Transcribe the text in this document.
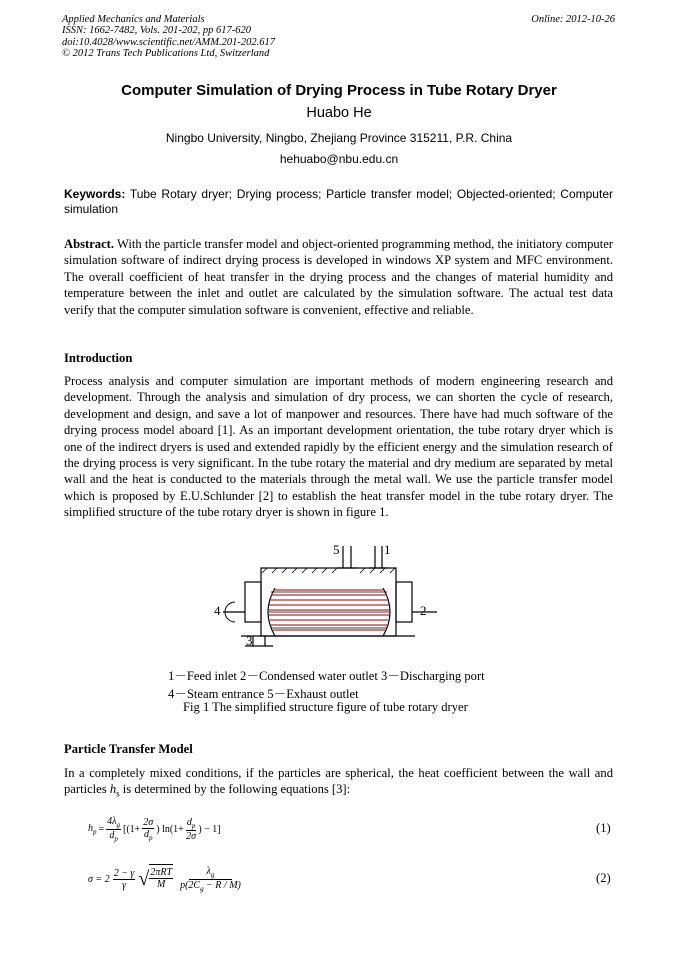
Applied Mechanics and Materials
ISSN: 1662-7482, Vols. 201-202, pp 617-620
doi:10.4028/www.scientific.net/AMM.201-202.617
© 2012 Trans Tech Publications Ltd, Switzerland
Online: 2012-10-26
Computer Simulation of Drying Process in Tube Rotary Dryer
Huabo He
Ningbo University, Ningbo, Zhejiang Province 315211, P.R. China
hehuabo@nbu.edu.cn
Keywords: Tube Rotary dryer; Drying process; Particle transfer model; Objected-oriented; Computer simulation
Abstract. With the particle transfer model and object-oriented programming method, the initiatory computer simulation software of indirect drying process is developed in windows XP system and MFC environment. The overall coefficient of heat transfer in the drying process and the changes of material humidity and temperature between the inlet and outlet are calculated by the simulation software. The actual test data verify that the computer simulation software is convenient, effective and reliable.
Introduction
Process analysis and computer simulation are important methods of modern engineering research and development. Through the analysis and simulation of dry process, we can shorten the cycle of research, development and design, and save a lot of manpower and resources. There have had much software of the drying process model aboard [1]. As an important development orientation, the tube rotary dryer which is one of the indirect dryers is used and extended rapidly by the efficient energy and the simulation research of the drying process is very significant. In the tube rotary the material and dry medium are separated by metal wall and the heat is conducted to the materials through the metal wall. We use the particle transfer model which is proposed by E.U.Schlunder [2] to establish the heat transfer model in the tube rotary dryer. The simplified structure of the tube rotary dryer is shown in figure 1.
5	1
4	2
3
1－Feed inlet 2－Condensed water outlet 3－Discharging port
4－Steam entrance 5－Exhaust outlet
Fig 1 The simplified structure figure of tube rotary dryer
Particle Transfer Model
In a completely mixed conditions, if the particles are spherical, the heat coefficient between the wall and particles $h_s$ is determined by the following equations [3]:
$h_p = \frac{4\lambda_g}{d_p} [(1+ \frac{2\sigma}{d_p}$ ) $\ln(1+ \frac{d_p}{2\sigma}$ ) − 1]	(1)
$\sigma = 2 \frac{2 - \gamma}{\gamma}$ √ 2πRT
M
$\lambda_g$
$p(2C_g - R / M)$	(2)
